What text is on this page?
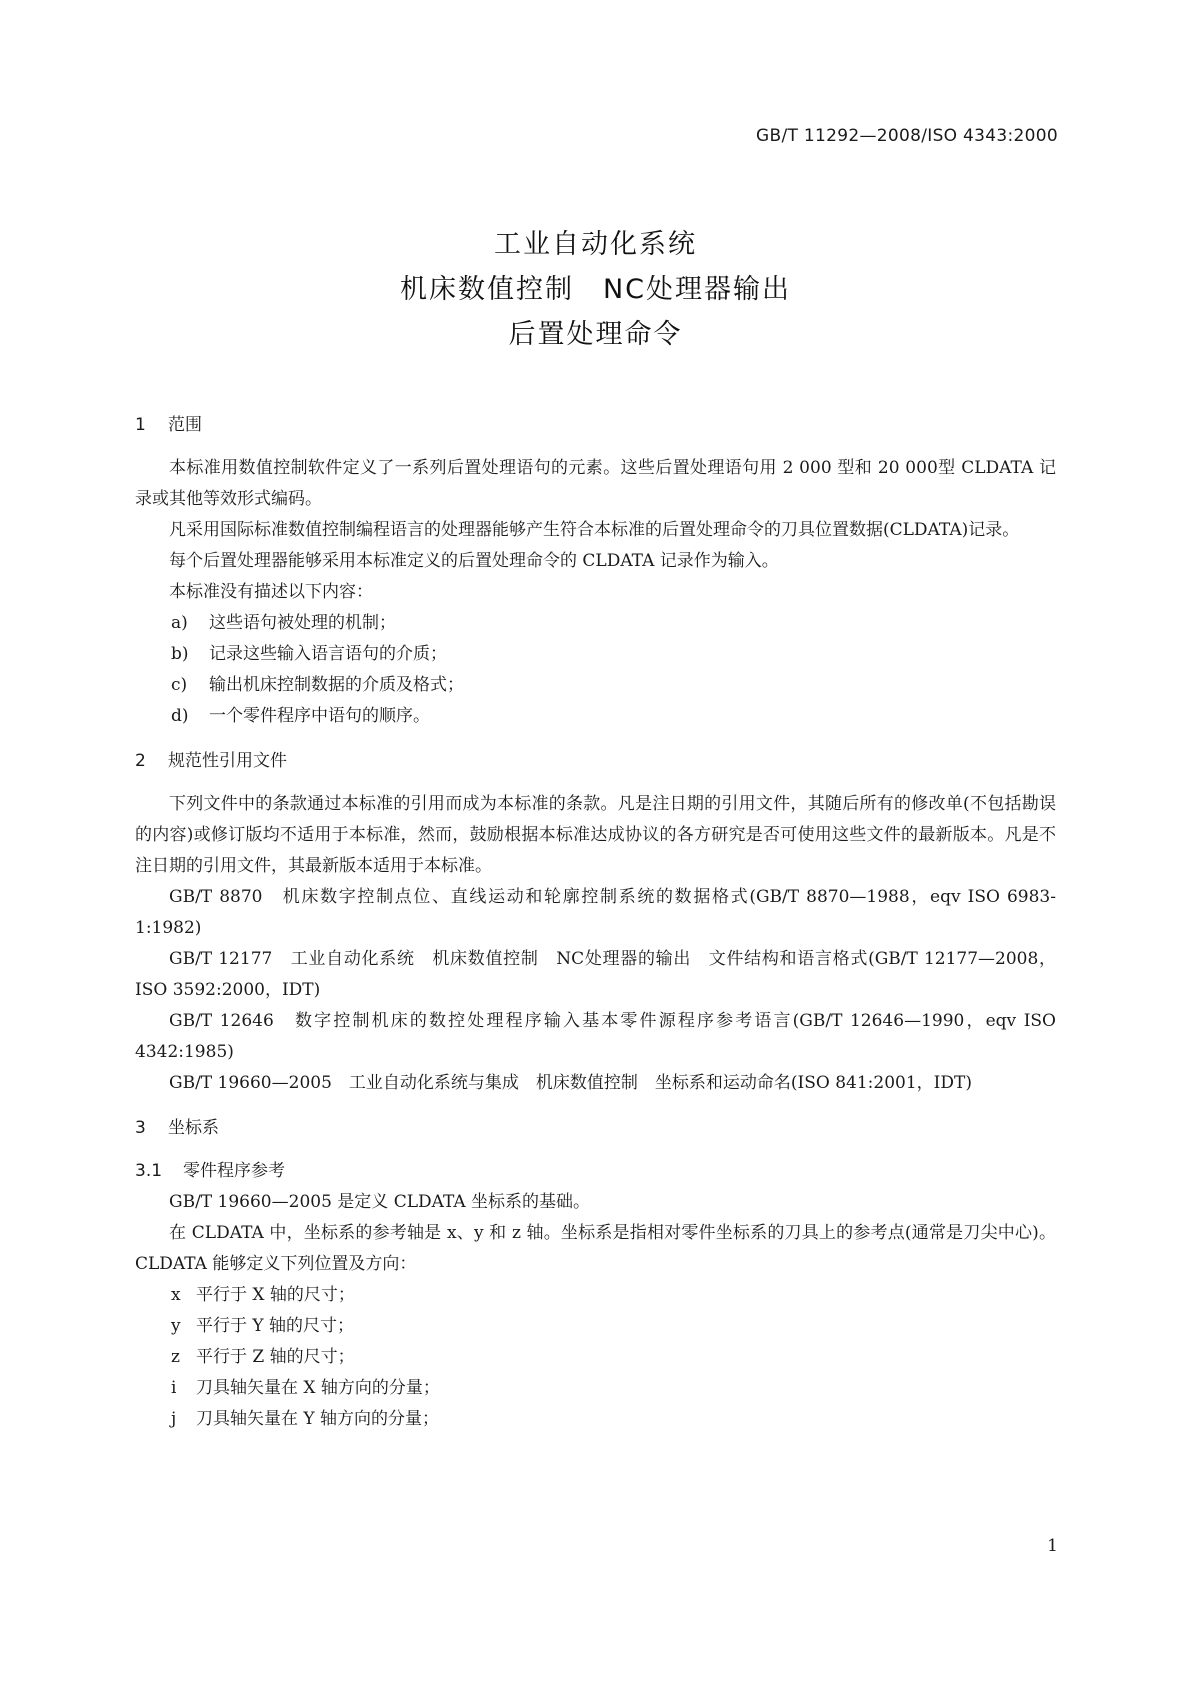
GB/T 11292—2008/ISO 4343:2000
工业自动化系统
机床数值控制　NC处理器输出
后置处理命令
1 范围

本标准用数值控制软件定义了一系列后置处理语句的元素。这些后置处理语句用 2 000 型和 20 000型 CLDATA 记录或其他等效形式编码。

凡采用国际标准数值控制编程语言的处理器能够产生符合本标准的后置处理命令的刀具位置数据(CLDATA)记录。

每个后置处理器能够采用本标准定义的后置处理命令的 CLDATA 记录作为输入。

本标准没有描述以下内容：

a) 这些语句被处理的机制；
b) 记录这些输入语言语句的介质；
c) 输出机床控制数据的介质及格式；
d) 一个零件程序中语句的顺序。
2 规范性引用文件

下列文件中的条款通过本标准的引用而成为本标准的条款。凡是注日期的引用文件，其随后所有的修改单(不包括勘误的内容)或修订版均不适用于本标准，然而，鼓励根据本标准达成协议的各方研究是否可使用这些文件的最新版本。凡是不注日期的引用文件，其最新版本适用于本标准。

GB/T 8870　机床数字控制点位、直线运动和轮廓控制系统的数据格式(GB/T 8870—1988，eqv ISO 6983-1:1982)

GB/T 12177　工业自动化系统　机床数值控制　NC处理器的输出　文件结构和语言格式(GB/T 12177—2008，ISO 3592:2000，IDT)

GB/T 12646　数字控制机床的数控处理程序输入基本零件源程序参考语言(GB/T 12646—1990，eqv ISO 4342:1985)

GB/T 19660—2005　工业自动化系统与集成　机床数值控制　坐标系和运动命名(ISO 841:2001，IDT)

3 坐标系
3.1 零件程序参考

GB/T 19660—2005 是定义 CLDATA 坐标系的基础。

在 CLDATA 中，坐标系的参考轴是 x、y 和 z 轴。坐标系是指相对零件坐标系的刀具上的参考点(通常是刀尖中心)。CLDATA 能够定义下列位置及方向：

x 平行于 X 轴的尺寸；
y 平行于 Y 轴的尺寸；
z 平行于 Z 轴的尺寸；
i 刀具轴矢量在 X 轴方向的分量；
j 刀具轴矢量在 Y 轴方向的分量；
1
